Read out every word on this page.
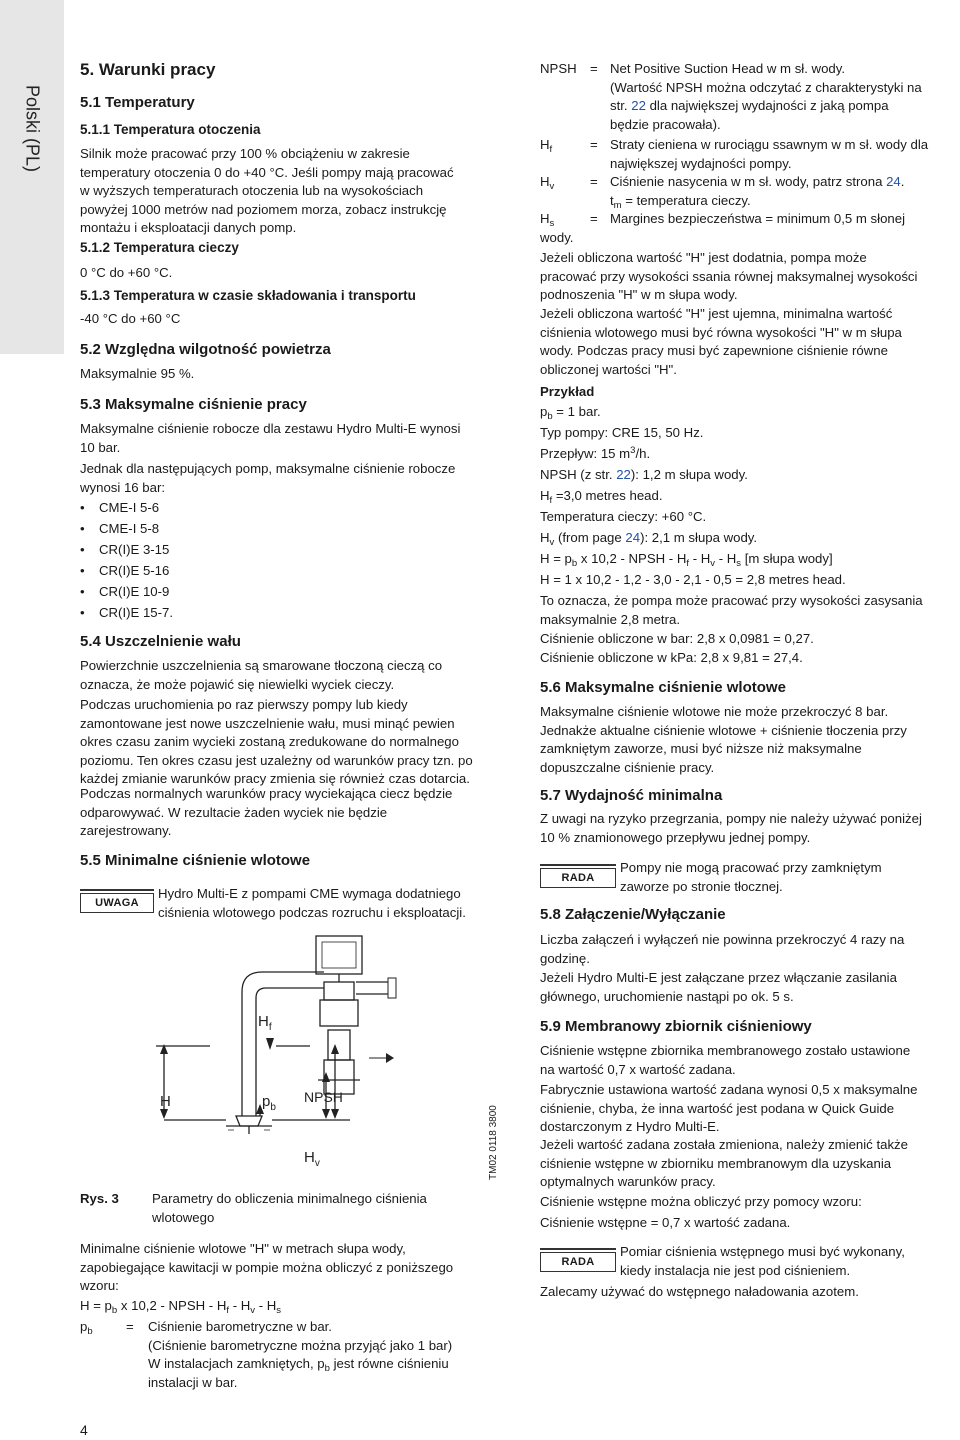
Polski (PL)
5. Warunki pracy
5.1 Temperatury
5.1.1 Temperatura otoczenia
Silnik może pracować przy 100 % obciążeniu w zakresie
temperatury otoczenia 0 do +40 °C. Jeśli pompy mają pracować
w wyższych temperaturach otoczenia lub na wysokościach
powyżej 1000 metrów nad poziomem morza, zobacz instrukcję
montażu i eksploatacji danych pomp.
5.1.2 Temperatura cieczy
0 °C do +60 °C.
5.1.3 Temperatura w czasie składowania i transportu
-40 °C do +60 °C
5.2 Względna wilgotność powietrza
Maksymalnie 95 %.
5.3 Maksymalne ciśnienie pracy
Maksymalne ciśnienie robocze dla zestawu Hydro Multi-E wynosi
10 bar.
Jednak dla następujących pomp, maksymalne ciśnienie robocze
wynosi 16 bar:
CME-I 5-6
CME-I 5-8
CR(I)E 3-15
CR(I)E 5-16
CR(I)E 10-9
CR(I)E 15-7.
5.4 Uszczelnienie wału
Powierzchnie uszczelnienia są smarowane tłoczoną cieczą co
oznacza, że może pojawić się niewielki wyciek cieczy.
Podczas uruchomienia po raz pierwszy pompy lub kiedy
zamontowane jest nowe uszczelnienie wału, musi minąć pewien
okres czasu zanim wycieki zostaną zredukowane do normalnego
poziomu. Ten okres czasu jest uzależny od warunków pracy tzn. po
każdej zmianie warunków pracy zmienia się również czas dotarcia.
Podczas normalnych warunków pracy wyciekająca ciecz będzie
odparowywać. W rezultacie żaden wyciek nie będzie
zarejestrowany.
5.5 Minimalne ciśnienie wlotowe
UWAGA
Hydro Multi-E z pompami CME wymaga dodatniego
ciśnienia wlotowego podczas rozruchu i eksploatacji.
$H_f$
H	$p_b$
NPSH
$H_v$	TM02 0118 3800
Rys. 3	Parametry do obliczenia minimalnego ciśnienia
wlotowego
Minimalne ciśnienie wlotowe "H" w metrach słupa wody,
zapobiegające kawitacji w pompie można obliczyć z poniższego
wzoru:
$H = p_b$ x 10,2 - NPSH - $H_f - H_v - H_s$
$p_b$	= Ciśnienie barometryczne w bar.
(Ciśnienie barometryczne można przyjąć jako 1 bar)
W instalacjach zamkniętych, $p_b$ jest równe ciśnieniu
instalacji w bar.
4
NPSH = Net Positive Suction Head w m sł. wody.
(Wartość NPSH można odczytać z charakterystyki na
str. 22 dla największej wydajności z jaką pompa
będzie pracowała).
$H_f$	= Straty cieniena w rurociągu ssawnym w m sł. wody dla
największej wydajności pompy.
$H_v$	= Ciśnienie nasycenia w m sł. wody, patrz strona 24.
$t_m$ = temperatura cieczy.
$H_s$	= Margines bezpieczeństwa = minimum 0,5 m słonej
wody.
Jeżeli obliczona wartość "H" jest dodatnia, pompa może
pracować przy wysokości ssania równej maksymalnej wysokości
podnoszenia "H" w m słupa wody.
Jeżeli obliczona wartość "H" jest ujemna, minimalna wartość
ciśnienia wlotowego musi być równa wysokości "H" w m słupa
wody. Podczas pracy musi być zapewnione ciśnienie równe
obliczonej wartości "H".
Przykład
$p_b = 1$ bar.
Typ pompy: CRE 15, 50 Hz.
Przepływ: 15 $m^3/h$.
NPSH (z str. 22): 1,2 m słupa wody.
$H_f =3,0$ metres head.
Temperatura cieczy: +60 °C.
$H_v$ (from page 24): 2,1 m słupa wody.
$H = p_b$ x 10,2 - NPSH - $H_f - H_v - H_s$ [m słupa wody]
H = 1 x 10,2 - 1,2 - 3,0 - 2,1 - 0,5 = 2,8 metres head.
To oznacza, że pompa może pracować przy wysokości zasysania
maksymalnie 2,8 metra.
Ciśnienie obliczone w bar: 2,8 x 0,0981 = 0,27.
Ciśnienie obliczone w kPa: 2,8 x 9,81 = 27,4.
5.6 Maksymalne ciśnienie wlotowe
Maksymalne ciśnienie wlotowe nie może przekroczyć 8 bar.
Jednakże aktualne ciśnienie wlotowe + ciśnienie tłoczenia przy
zamkniętym zaworze, musi być niższe niż maksymalne
dopuszczalne ciśnienie pracy.
5.7 Wydajność minimalna
Z uwagi na ryzyko przegrzania, pompy nie należy używać poniżej
10 % znamionowego przepływu jednej pompy.
RADA
Pompy nie mogą pracować przy zamkniętym
zaworze po stronie tłocznej.
5.8 Załączenie/Wyłączanie
Liczba załączeń i wyłączeń nie powinna przekroczyć 4 razy na
godzinę.
Jeżeli Hydro Multi-E jest załączane przez włączanie zasilania
głównego, uruchomienie nastąpi po ok. 5 s.
5.9 Membranowy zbiornik ciśnieniowy
Ciśnienie wstępne zbiornika membranowego zostało ustawione
na wartość 0,7 x wartość zadana.
Fabrycznie ustawiona wartość zadana wynosi 0,5 x maksymalne
ciśnienie, chyba, że inna wartość jest podana w Quick Guide
dostarczonym z Hydro Multi-E.
Jeżeli wartość zadana została zmieniona, należy zmienić także
ciśnienie wstępne w zbiorniku membranowym dla uzyskania
optymalnych warunków pracy.
Ciśnienie wstępne można obliczyć przy pomocy wzoru:
Ciśnienie wstępne = 0,7 x wartość zadana.
RADA
Pomiar ciśnienia wstępnego musi być wykonany,
kiedy instalacja nie jest pod ciśnieniem.
Zalecamy używać do wstępnego naładowania azotem.
